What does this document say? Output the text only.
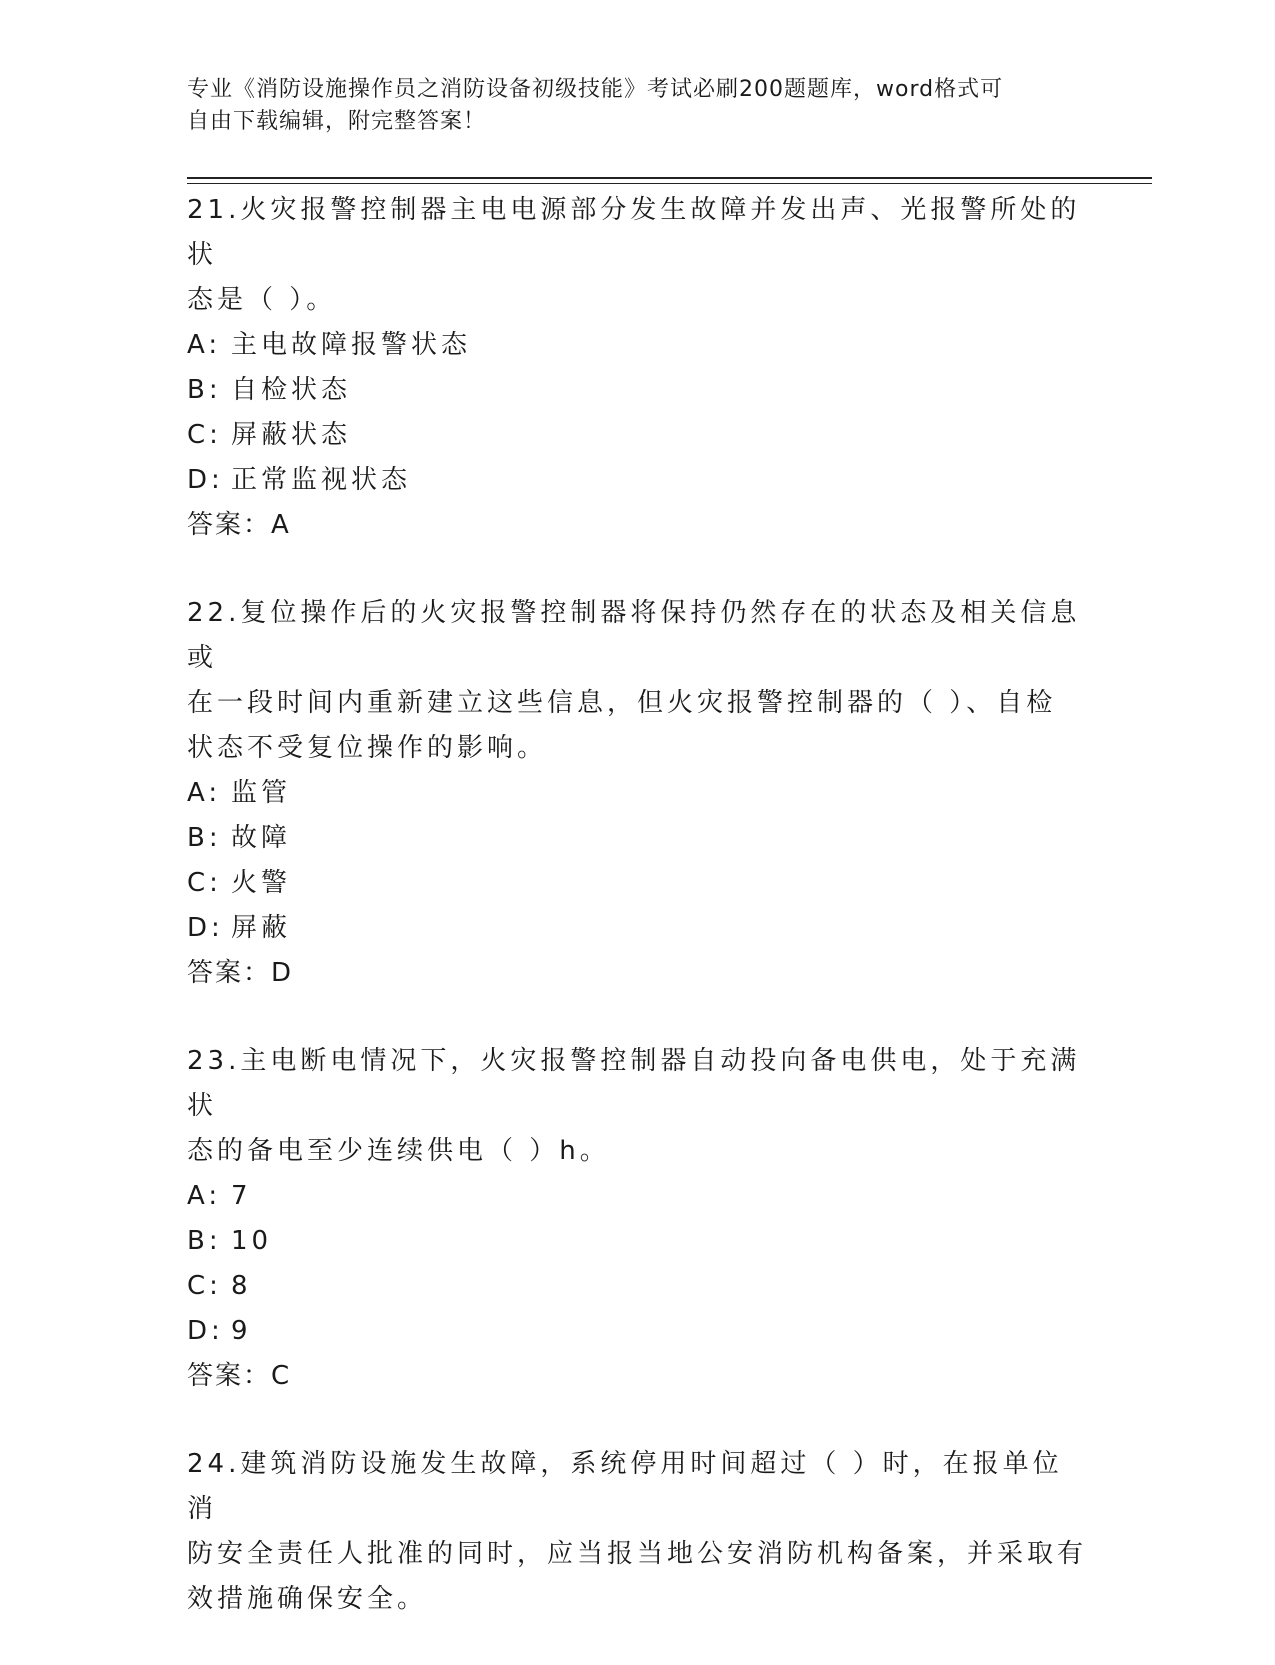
专业《消防设施操作员之消防设备初级技能》考试必刷200题题库，word格式可
自由下载编辑，附完整答案！
21.火灾报警控制器主电电源部分发生故障并发出声、光报警所处的状
态是（ ）。
A: 主电故障报警状态
B: 自检状态
C: 屏蔽状态
D: 正常监视状态
答案：A
22.复位操作后的火灾报警控制器将保持仍然存在的状态及相关信息或
在一段时间内重新建立这些信息，但火灾报警控制器的（ ）、自检
状态不受复位操作的影响。
A: 监管
B: 故障
C: 火警
D: 屏蔽
答案：D
23.主电断电情况下，火灾报警控制器自动投向备电供电，处于充满状
态的备电至少连续供电（ ）h。
A: 7
B: 10
C: 8
D: 9
答案：C
24.建筑消防设施发生故障，系统停用时间超过（ ）时，在报单位消
防安全责任人批准的同时，应当报当地公安消防机构备案，并采取有
效措施确保安全。
